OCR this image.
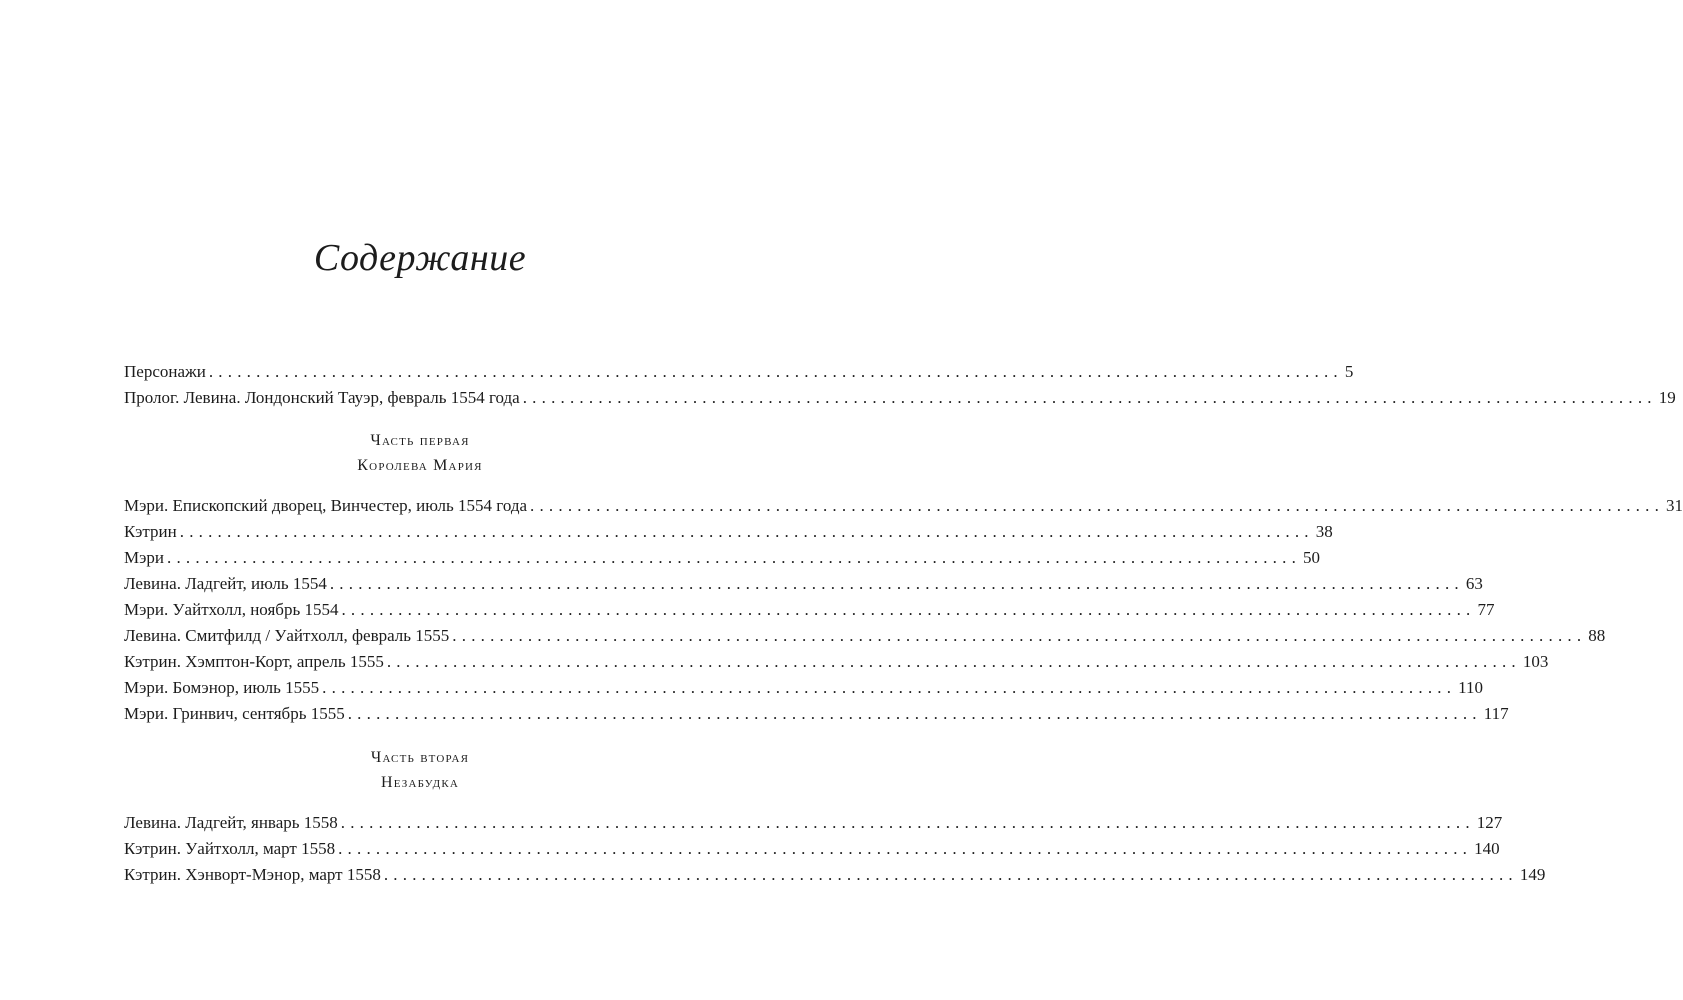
Содержание
Персонажи ........................................................................................................................ 5
Пролог. Левина. Лондонский Тауэр, февраль 1554 года ........................................................................................................................ 19
Часть первая
Королева Мария
Мэри. Епископский дворец, Винчестер, июль 1554 года ........................................................................................................................ 31
Кэтрин ........................................................................................................................ 38
Мэри ........................................................................................................................ 50
Левина. Ладгейт, июль 1554 ........................................................................................................................ 63
Мэри. Уайтхолл, ноябрь 1554 ........................................................................................................................ 77
Левина. Смитфилд / Уайтхолл, февраль 1555 ........................................................................................................................ 88
Кэтрин. Хэмптон-Корт, апрель 1555 ........................................................................................................................ 103
Мэри. Бомэнор, июль 1555 ........................................................................................................................ 110
Мэри. Гринвич, сентябрь 1555 ........................................................................................................................ 117
Часть вторая
Незабудка
Левина. Ладгейт, январь 1558 ........................................................................................................................ 127
Кэтрин. Уайтхолл, март 1558 ........................................................................................................................ 140
Кэтрин. Хэнворт-Мэнор, март 1558 ........................................................................................................................ 149
